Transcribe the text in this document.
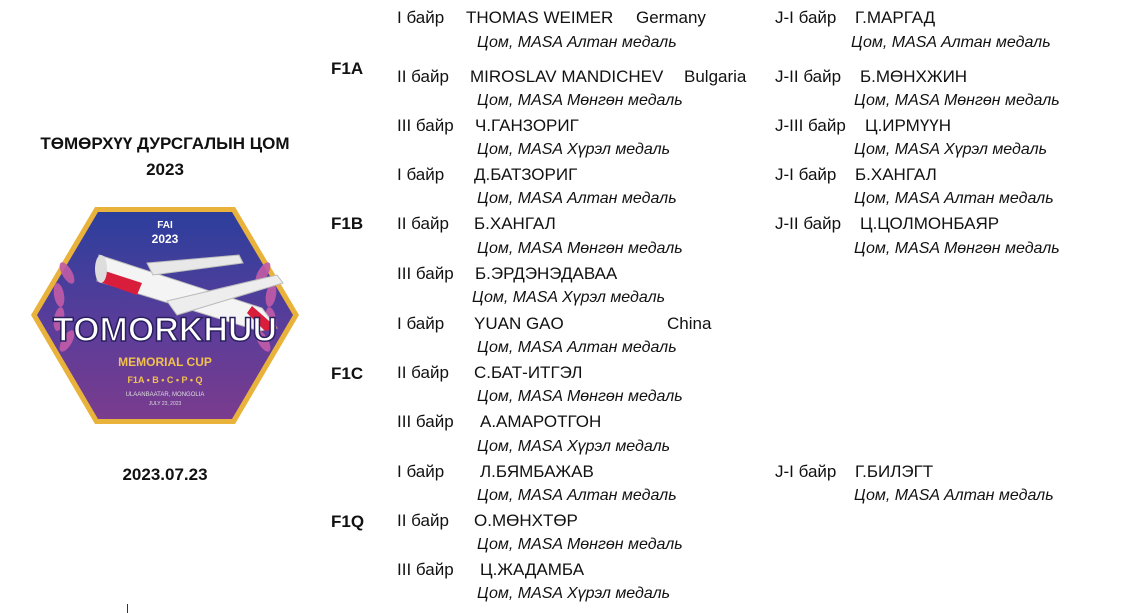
ТӨМӨРХҮҮ ДУРСГАЛЫН ЦОМ
2023
FAI
2023
TOMORKHUU
MEMORIAL CUP
F1A • B • C • P • Q
ULAANBAATAR, MONGOLIA
JULY 23, 2023
2023.07.23
F1A
F1B
F1C
F1Q
I байр THOMAS WEIMER Germany
Цом, MASA Алтан медаль
II байр MIROSLAV MANDICHEV Bulgaria
Цом, MASA Мөнгөн медаль
III байр Ч.ГАНЗОРИГ
Цом, MASA Хүрэл медаль
I байр Д.БАТЗОРИГ
Цом, MASA Алтан медаль
II байр Б.ХАНГАЛ
Цом, MASA Мөнгөн медаль
III байр Б.ЭРДЭНЭДАВАА
Цом, MASA Хүрэл медаль
I байр YUAN GAO	China
Цом, MASA Алтан медаль
II байр С.БАТ-ИТГЭЛ
Цом, MASA Мөнгөн медаль
III байр А.АМАРОТГОН
Цом, MASA Хүрэл медаль
I байр Л.БЯМБАЖАВ
Цом, MASA Алтан медаль
II байр О.МӨНХТӨР
Цом, MASA Мөнгөн медаль
III байр Ц.ЖАДАМБА
Цом, MASA Хүрэл медаль
J-I байр Г.МАРГАД
Цом, MASA Алтан медаль
J-II байр Б.МӨНХЖИН
Цом, MASA Мөнгөн медаль
J-III байр Ц.ИРМҮҮН
Цом, MASA Хүрэл медаль
J-I байр Б.ХАНГАЛ
Цом, MASA Алтан медаль
J-II байр Ц.ЦОЛМОНБАЯР
Цом, MASA Мөнгөн медаль
J-I байр Г.БИЛЭГТ
Цом, MASA Алтан медаль
